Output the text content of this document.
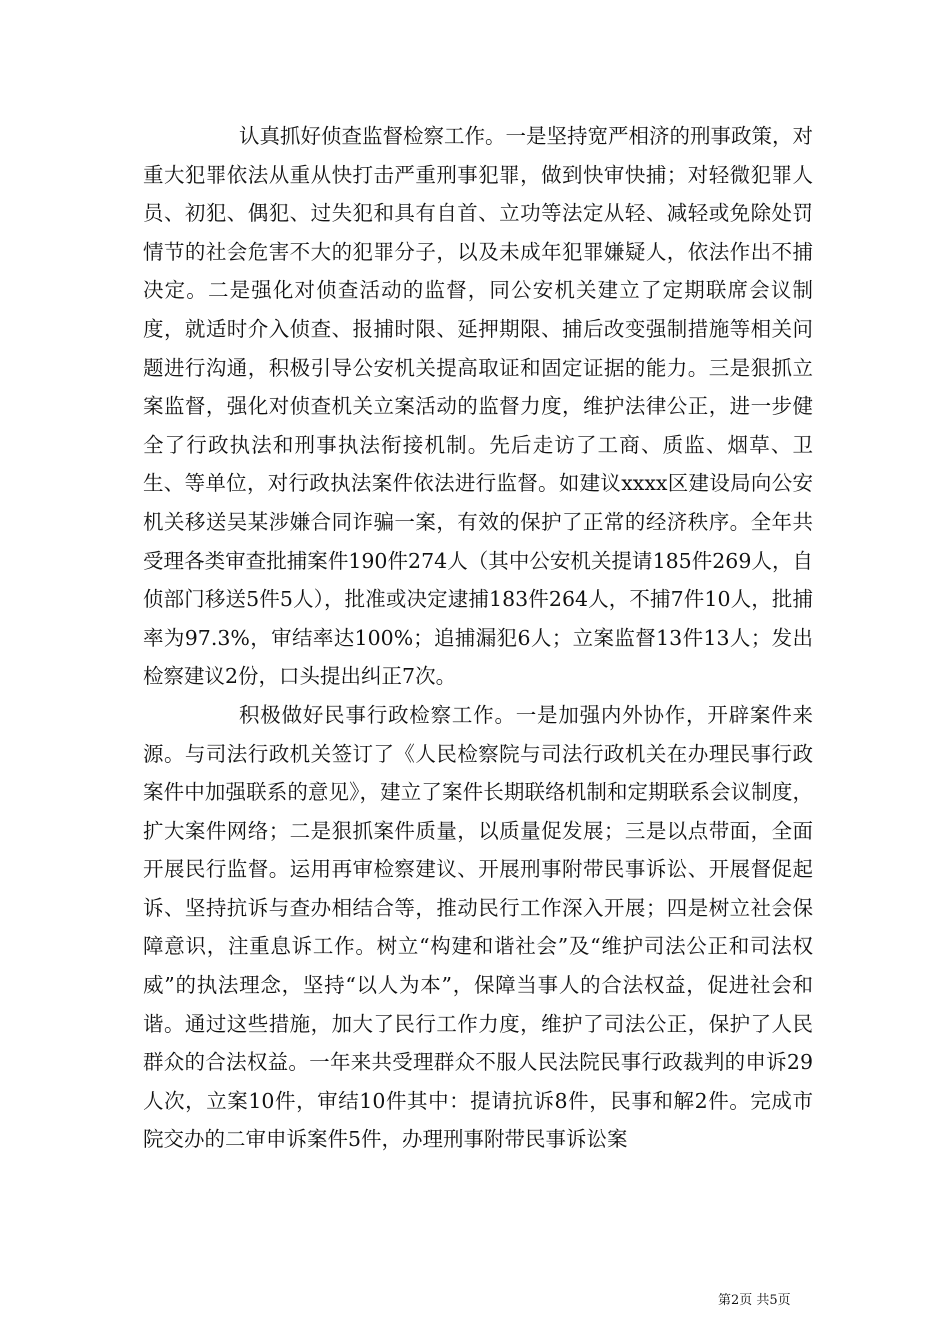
认真抓好侦查监督检察工作。一是坚持宽严相济的刑事政策，对重大犯罪依法从重从快打击严重刑事犯罪，做到快审快捕；对轻微犯罪人员、初犯、偶犯、过失犯和具有自首、立功等法定从轻、减轻或免除处罚情节的社会危害不大的犯罪分子，以及未成年犯罪嫌疑人，依法作出不捕决定。二是强化对侦查活动的监督，同公安机关建立了定期联席会议制度，就适时介入侦查、报捕时限、延押期限、捕后改变强制措施等相关问题进行沟通，积极引导公安机关提高取证和固定证据的能力。三是狠抓立案监督，强化对侦查机关立案活动的监督力度，维护法律公正，进一步健全了行政执法和刑事执法衔接机制。先后走访了工商、质监、烟草、卫生、等单位，对行政执法案件依法进行监督。如建议xxxx区建设局向公安机关移送吴某涉嫌合同诈骗一案，有效的保护了正常的经济秩序。全年共受理各类审查批捕案件190件274人（其中公安机关提请185件269人，自侦部门移送5件5人），批准或决定逮捕183件264人，不捕7件10人，批捕率为97.3%，审结率达100%；追捕漏犯6人；立案监督13件13人；发出检察建议2份，口头提出纠正7次。

积极做好民事行政检察工作。一是加强内外协作，开辟案件来源。与司法行政机关签订了《人民检察院与司法行政机关在办理民事行政案件中加强联系的意见》，建立了案件长期联络机制和定期联系会议制度，扩大案件网络；二是狠抓案件质量，以质量促发展；三是以点带面，全面开展民行监督。运用再审检察建议、开展刑事附带民事诉讼、开展督促起诉、坚持抗诉与查办相结合等，推动民行工作深入开展；四是树立社会保障意识，注重息诉工作。树立“构建和谐社会”及“维护司法公正和司法权威”的执法理念，坚持“以人为本”，保障当事人的合法权益，促进社会和谐。通过这些措施，加大了民行工作力度，维护了司法公正，保护了人民群众的合法权益。一年来共受理群众不服人民法院民事行政裁判的申诉29人次，立案10件，审结10件其中：提请抗诉8件，民事和解2件。完成市院交办的二审申诉案件5件，办理刑事附带民事诉讼案

第2页 共5页
